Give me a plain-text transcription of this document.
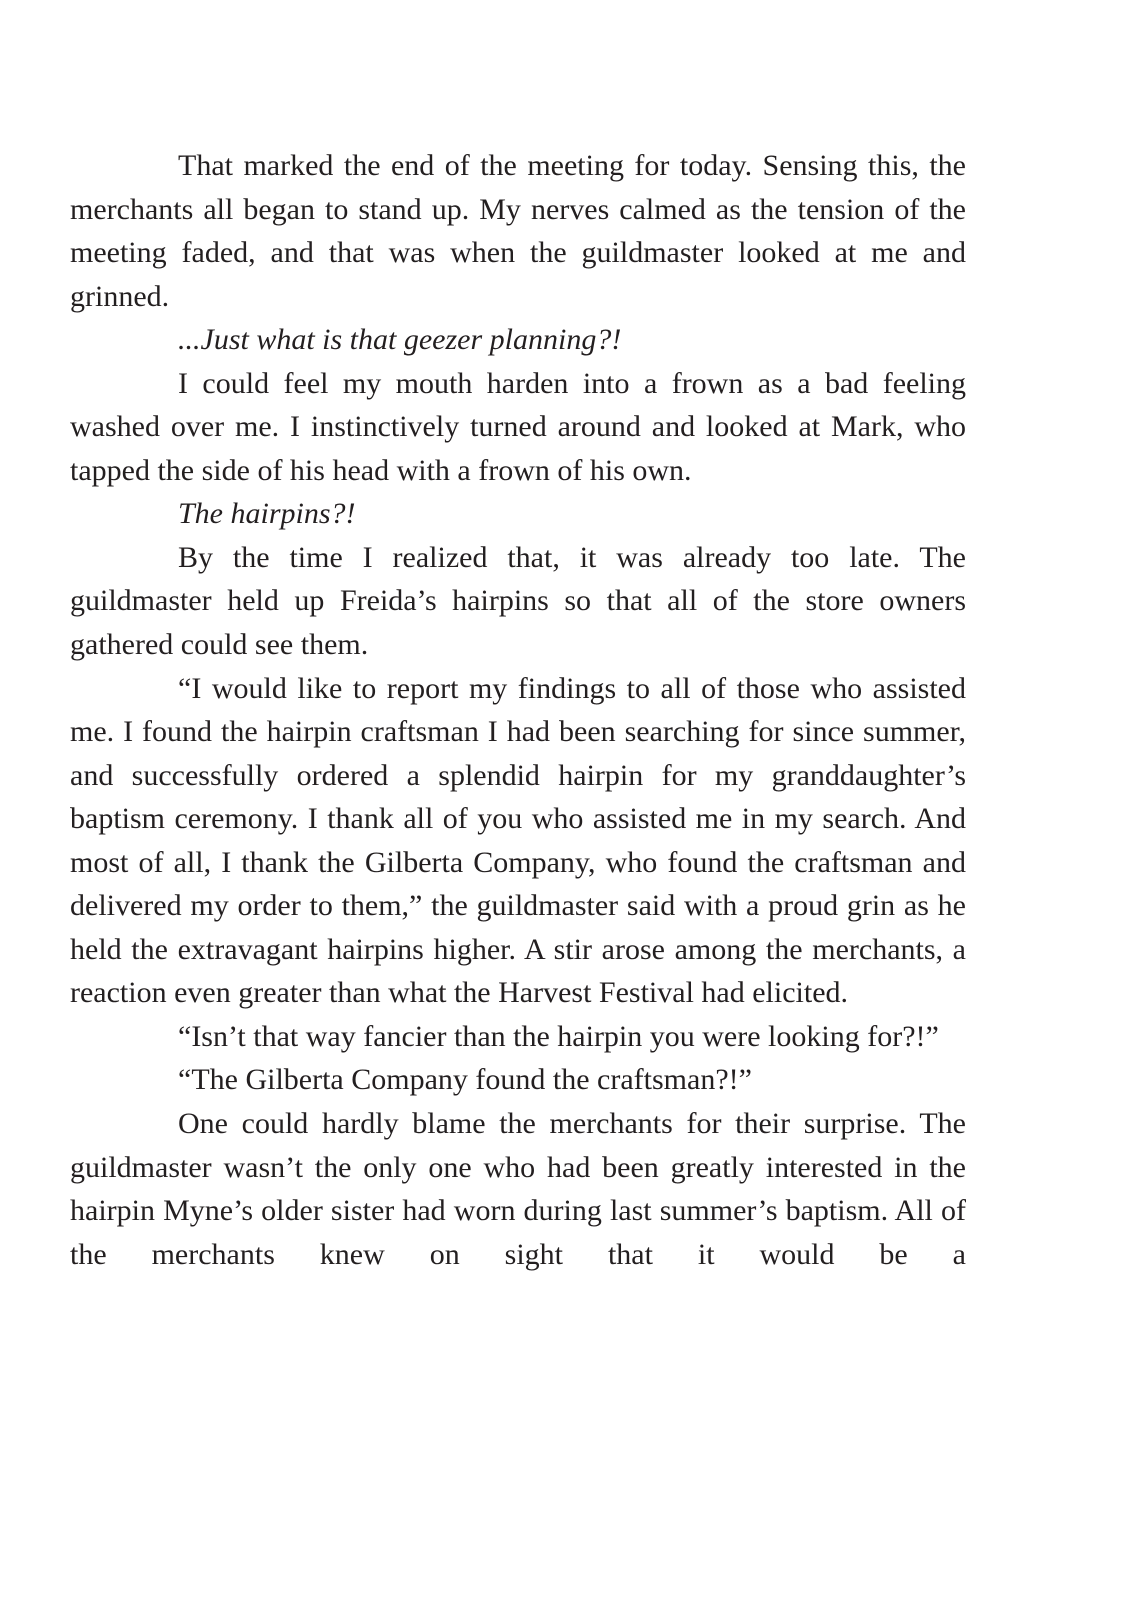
That marked the end of the meeting for today. Sensing this, the merchants all began to stand up. My nerves calmed as the tension of the meeting faded, and that was when the guildmaster looked at me and grinned.

...Just what is that geezer planning?!

I could feel my mouth harden into a frown as a bad feeling washed over me. I instinctively turned around and looked at Mark, who tapped the side of his head with a frown of his own.

The hairpins?!

By the time I realized that, it was already too late. The guildmaster held up Freida’s hairpins so that all of the store owners gathered could see them.

“I would like to report my findings to all of those who assisted me. I found the hairpin craftsman I had been searching for since summer, and successfully ordered a splendid hairpin for my granddaughter’s baptism ceremony. I thank all of you who assisted me in my search. And most of all, I thank the Gilberta Company, who found the craftsman and delivered my order to them,” the guildmaster said with a proud grin as he held the extravagant hairpins higher. A stir arose among the merchants, a reaction even greater than what the Harvest Festival had elicited.

“Isn’t that way fancier than the hairpin you were looking for?!”

“The Gilberta Company found the craftsman?!”

One could hardly blame the merchants for their surprise. The guildmaster wasn’t the only one who had been greatly interested in the hairpin Myne’s older sister had worn during last summer’s baptism. All of the merchants knew on sight that it would be a
